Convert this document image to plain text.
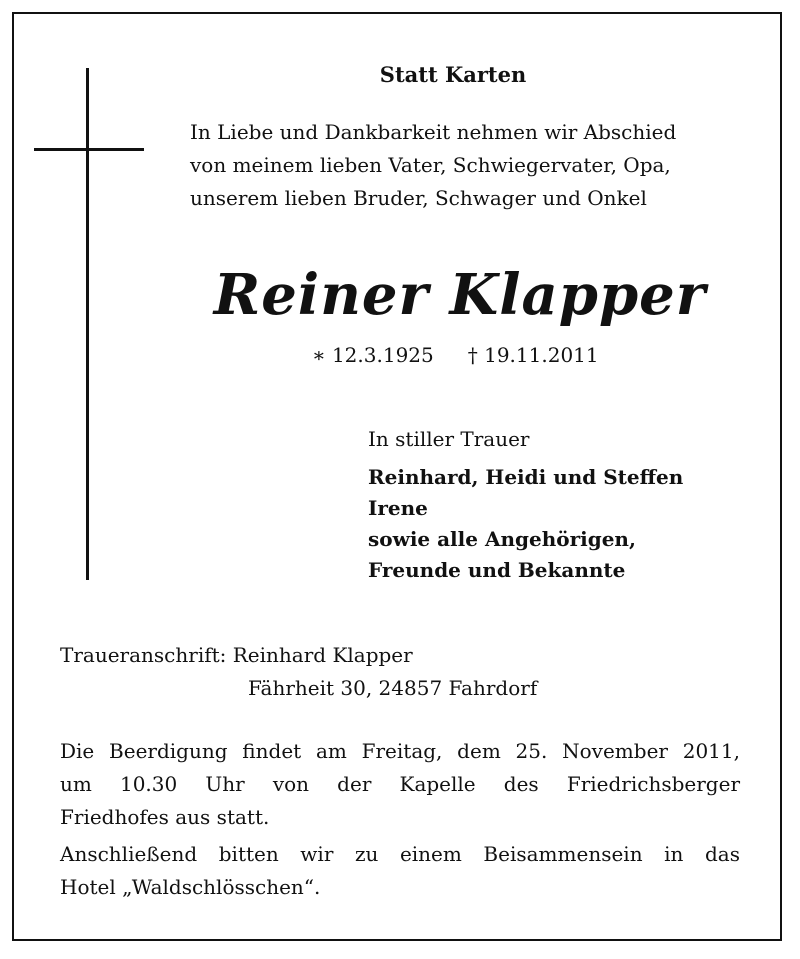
Statt Karten
In Liebe und Dankbarkeit nehmen wir Abschied
von meinem lieben Vater, Schwiegervater, Opa,
unserem lieben Bruder, Schwager und Onkel
Reiner Klapper
∗ 12.3.1925 † 19.11.2011
In stiller Trauer
Reinhard, Heidi und Steffen
Irene
sowie alle Angehörigen,
Freunde und Bekannte
Traueranschrift: Reinhard Klapper
Fährheit 30, 24857 Fahrdorf
Die Beerdigung findet am Freitag, dem 25. November 2011,
um 10.30 Uhr von der Kapelle des Friedrichsberger
Friedhofes aus statt.
Anschließend bitten wir zu einem Beisammensein in das
Hotel „Waldschlösschen“.
